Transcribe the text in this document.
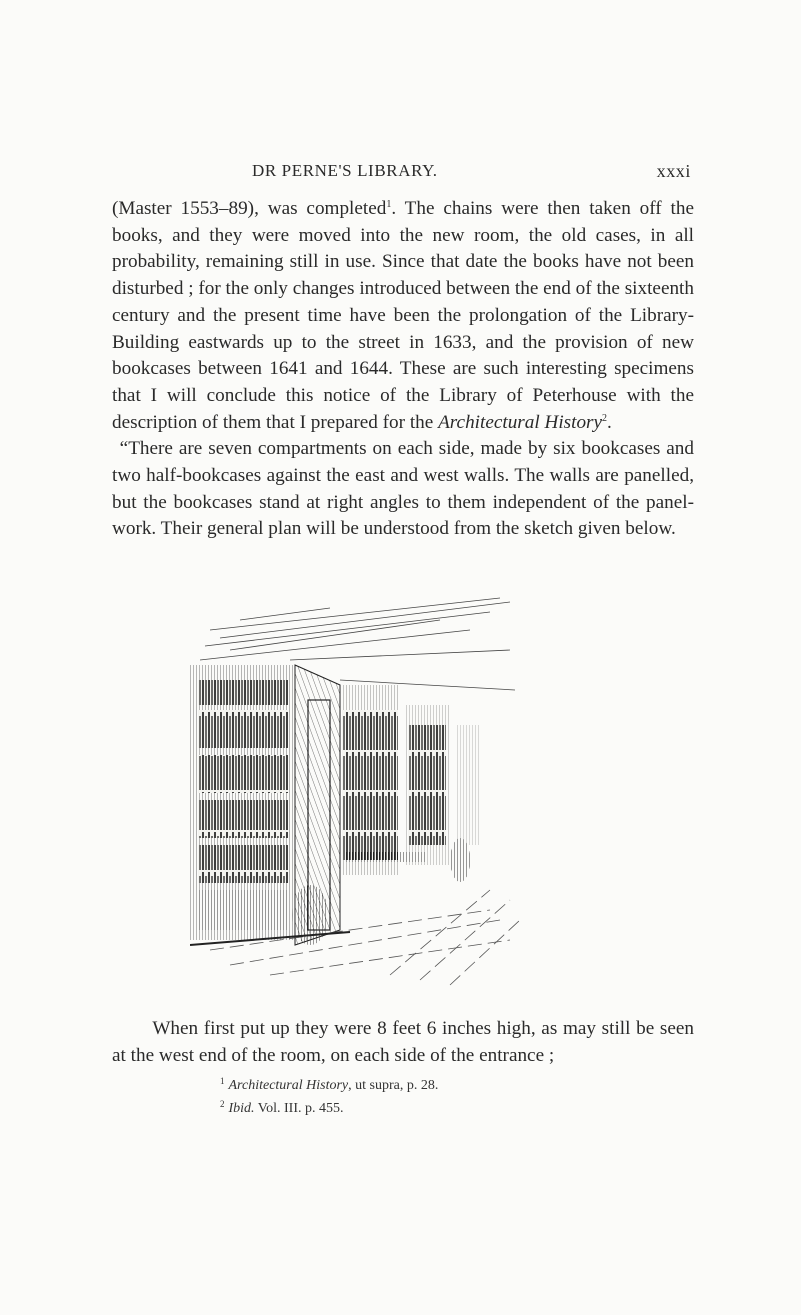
DR PERNE'S LIBRARY.	xxxi

(Master 1553–89), was completed$^1$. The chains were then taken off the books, and they were moved into the new room, the old cases, in all probability, remaining still in use. Since that date the books have not been disturbed ; for the only changes introduced between the end of the sixteenth century and the present time have been the prolongation of the Library-Building eastwards up to the street in 1633, and the provision of new bookcases between 1641 and 1644. These are such interesting specimens that I will conclude this notice of the Library of Peterhouse with the description of them that I prepared for the Architectural History$^2$.

“There are seven compartments on each side, made by six bookcases and two half-bookcases against the east and west walls. The walls are panelled, but the bookcases stand at right angles to them independent of the panel-work. Their general plan will be understood from the sketch given below.

When first put up they were 8 feet 6 inches high, as may still be seen at the west end of the room, on each side of the entrance ;

$^1$ Architectural History, ut supra, p. 28.
$^2$ Ibid. Vol. III. p. 455.
